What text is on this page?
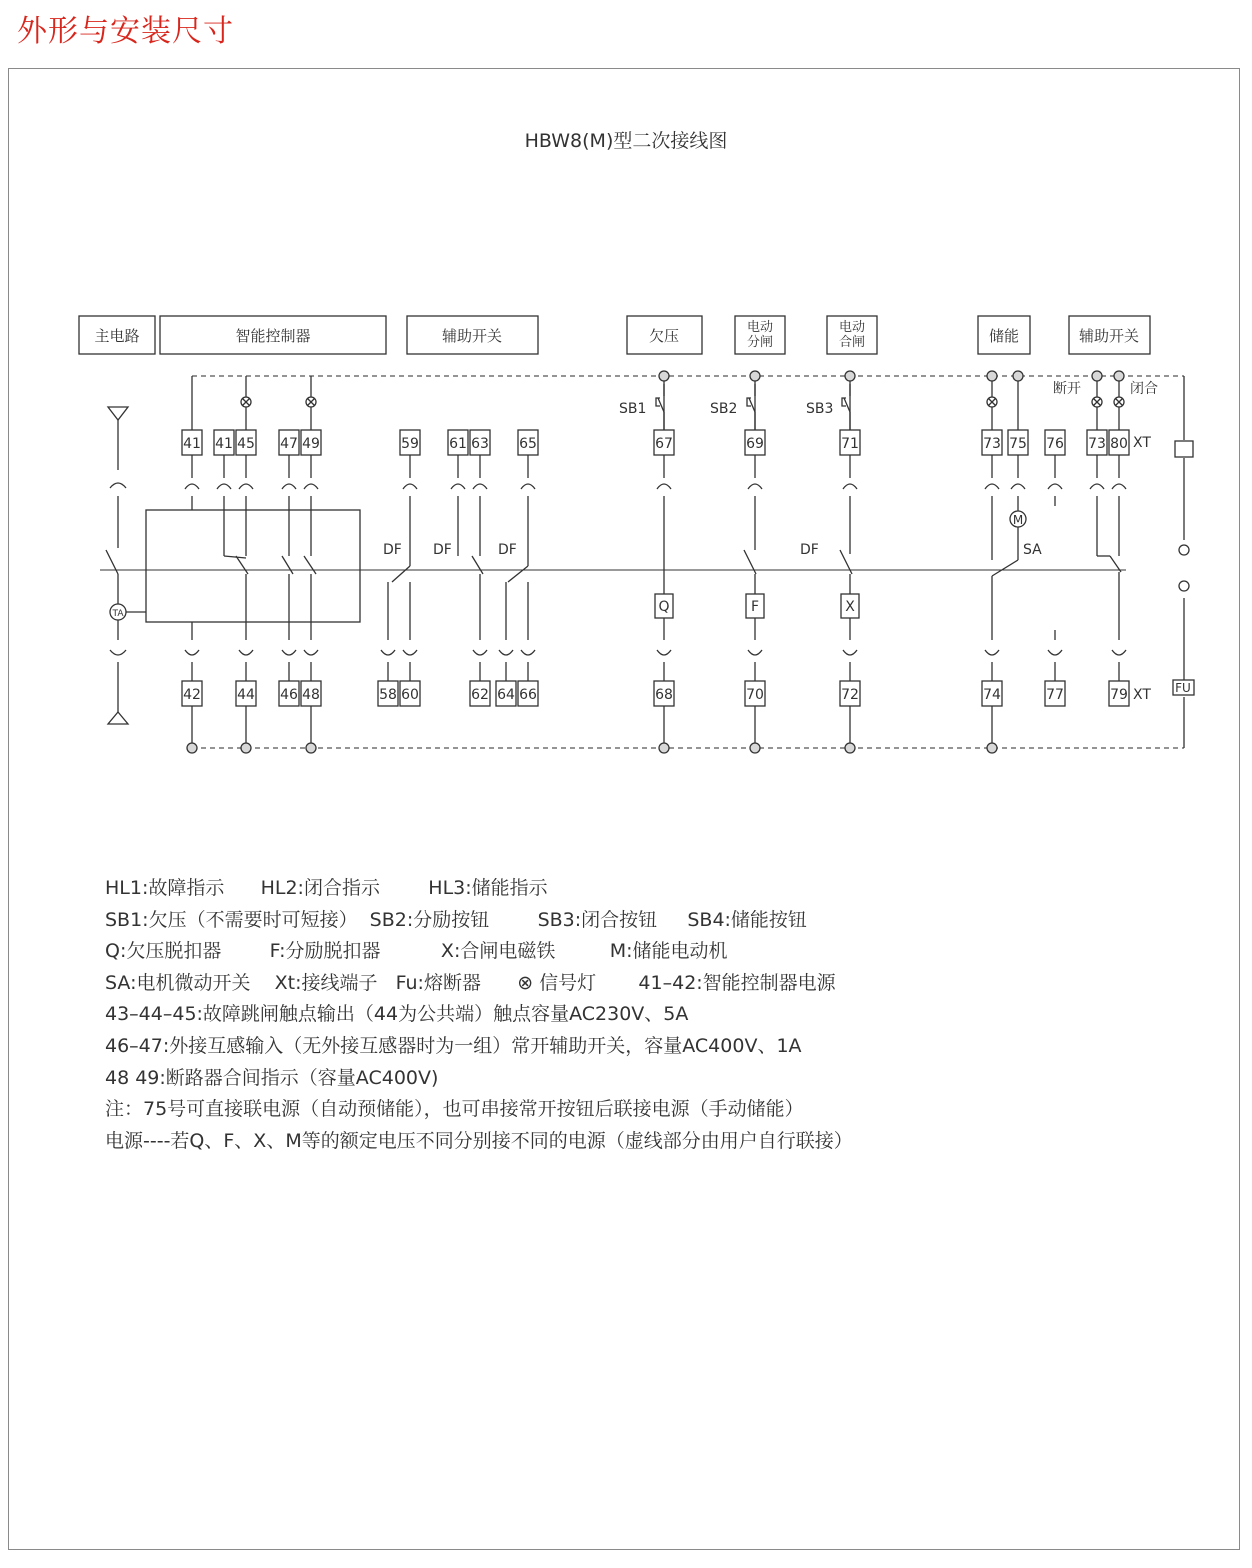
外形与安装尺寸
HBW8(M)型二次接线图
主电路	智能控制器	辅助开关	欠压	电动
分闸
电动
合闸	储能	辅助开关
TA
41 41 45 47 49	59 61 63 65	67	69	71	73 75 76 73 80
42	44 46 48	58 60	62 64 66	68	70	72	74	77	79
SB1	SB2	SB3
DF DF	DF	DF	SA
XT
XT
断开	闭合
Q	F	X
M
FU
HL1:故障指示      HL2:闭合指示        HL3:储能指示
SB1:欠压（不需要时可短接）  SB2:分励按钮        SB3:闭合按钮     SB4:储能按钮
Q:欠压脱扣器        F:分励脱扣器          X:合闸电磁铁         M:储能电动机
SA:电机微动开关    Xt:接线端子   Fu:熔断器      ⊗ 信号灯       41–42:智能控制器电源
43–44–45:故障跳闸触点输出（44为公共端）触点容量AC230V、5A
46–47:外接互感输入（无外接互感器时为一组）常开辅助开关，容量AC400V、1A
48 49:断路器合间指示（容量AC400V)
注：75号可直接联电源（自动预储能），也可串接常开按钮后联接电源（手动储能）
电源----若Q、F、X、M等的额定电压不同分别接不同的电源（虚线部分由用户自行联接）
